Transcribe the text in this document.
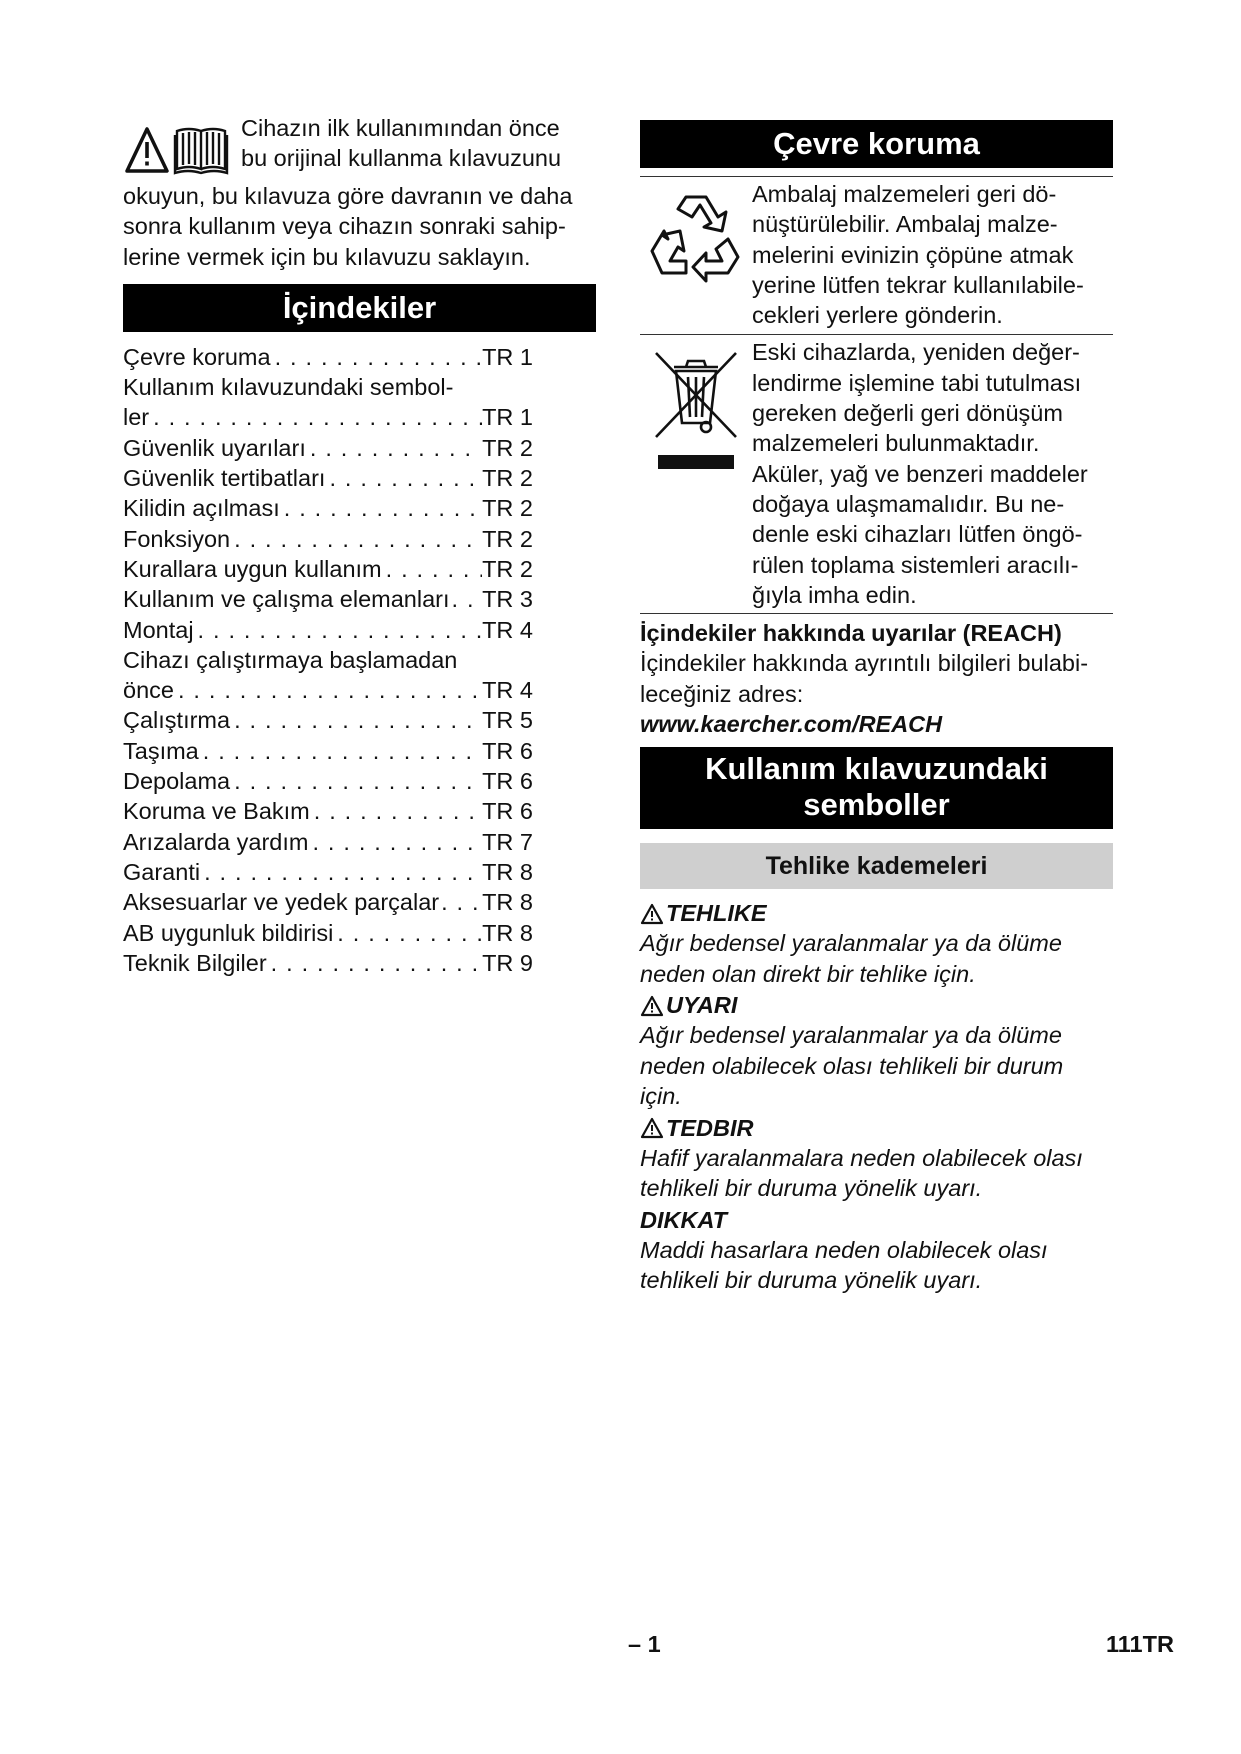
Cihazın ilk kullanımından önce
bu orijinal kullanma kılavuzunu
okuyun, bu kılavuza göre davranın ve daha
sonra kullanım veya cihazın sonraki sahip-
lerine vermek için bu kılavuzu saklayın.
İçindekiler
Çevre koruma . . .	TR 1
Kullanım kılavuzundaki sembol-
ler . . .	TR 1
Güvenlik uyarıları . . .	TR 2
Güvenlik tertibatları . . .	TR 2
Kilidin açılması . . .	TR 2
Fonksiyon . . .	TR 2
Kurallara uygun kullanım . . .	TR 2
Kullanım ve çalışma elemanları . . . TR 3
Montaj . . .	TR 4
Cihazı çalıştırmaya başlamadan
önce . . .	TR 4
Çalıştırma . . .	TR 5
Taşıma . . .	TR 6
Depolama . . .	TR 6
Koruma ve Bakım . . .	TR 6
Arızalarda yardım . . .	TR 7
Garanti . . .	TR 8
Aksesuarlar ve yedek parçalar . . . TR 8
AB uygunluk bildirisi . . .	TR 8
Teknik Bilgiler . . .	TR 9
Çevre koruma
Ambalaj malzemeleri geri dö-
nüştürülebilir. Ambalaj malze-
melerini evinizin çöpüne atmak
yerine lütfen tekrar kullanılabile-
cekleri yerlere gönderin.
Eski cihazlarda, yeniden değer-
lendirme işlemine tabi tutulması
gereken değerli geri dönüşüm
malzemeleri bulunmaktadır.
Aküler, yağ ve benzeri maddeler
doğaya ulaşmamalıdır. Bu ne-
denle eski cihazları lütfen öngö-
rülen toplama sistemleri aracılı-
ğıyla imha edin.
İçindekiler hakkında uyarılar (REACH)
İçindekiler hakkında ayrıntılı bilgileri bulabi-
leceğiniz adres:
www.kaercher.com/REACH
Kullanım kılavuzundaki
semboller
Tehlike kademeleri
TEHLIKE
Ağır bedensel yaralanmalar ya da ölüme
neden olan direkt bir tehlike için.
UYARI
Ağır bedensel yaralanmalar ya da ölüme
neden olabilecek olası tehlikeli bir durum
için.
TEDBIR
Hafif yaralanmalara neden olabilecek olası
tehlikeli bir duruma yönelik uyarı.
DIKKAT
Maddi hasarlara neden olabilecek olası
tehlikeli bir duruma yönelik uyarı.
– 1	111TR
